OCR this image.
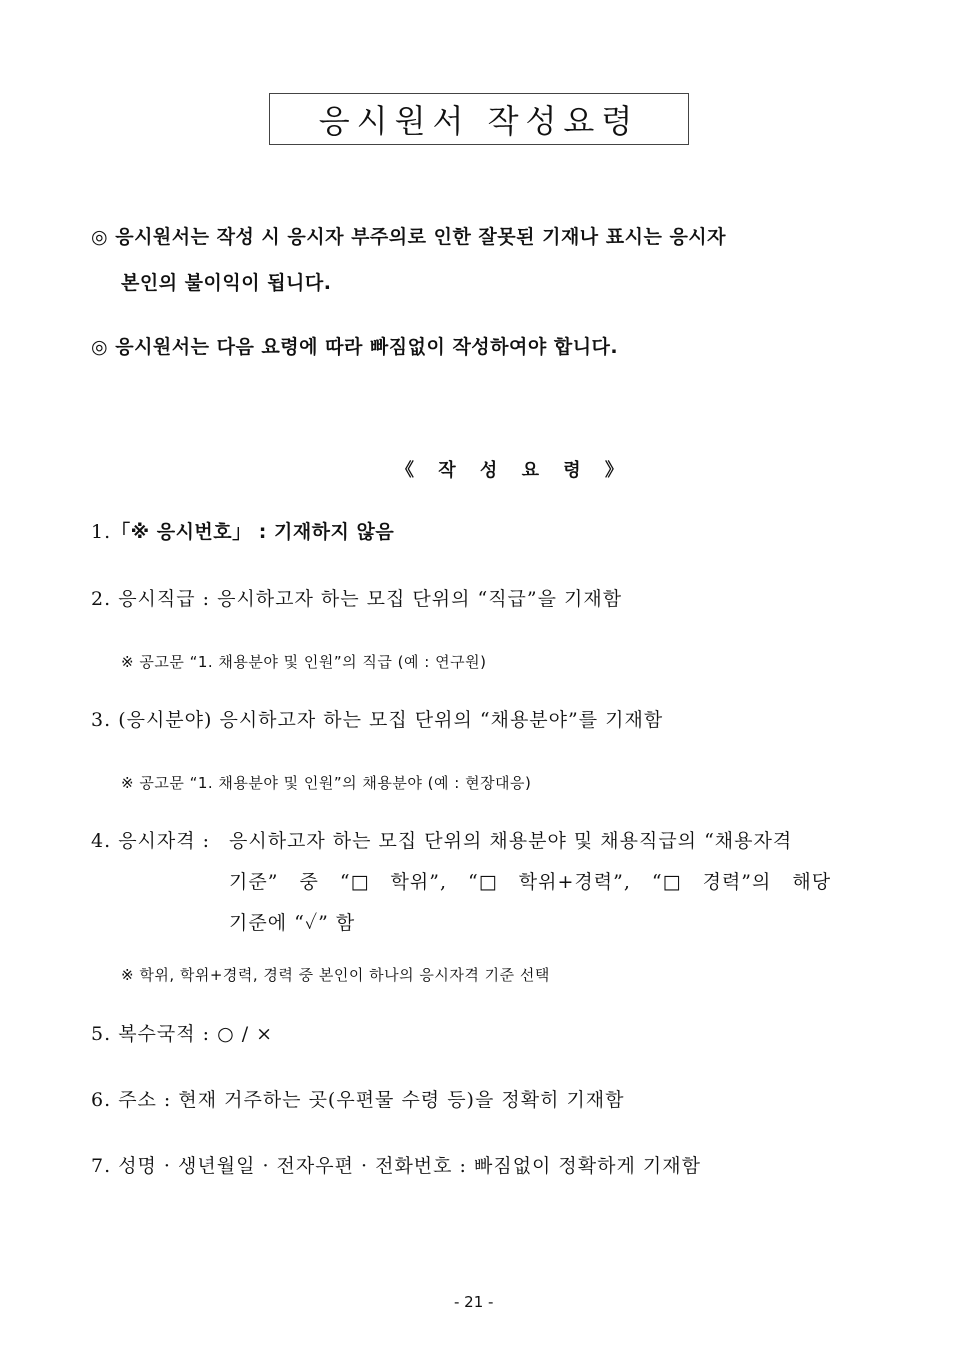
응시원서 작성요령
◎ 응시원서는 작성 시 응시자 부주의로 인한 잘못된 기재나 표시는 응시자
본인의 불이익이 됩니다.
◎ 응시원서는 다음 요령에 따라 빠짐없이 작성하여야 합니다.
《 작 성 요 령 》
1.「※ 응시번호」 : 기재하지 않음
2. 응시직급 : 응시하고자 하는 모집 단위의 “직급”을 기재함
※ 공고문 “1. 채용분야 및 인원”의 직급 (예 : 연구원)
3. (응시분야) 응시하고자 하는 모집 단위의 “채용분야”를 기재함
※ 공고문 “1. 채용분야 및 인원”의 채용분야 (예 : 현장대응)
4. 응시자격 : 응시하고자 하는 모집 단위의 채용분야 및 채용직급의 “채용자격
기준” 중 “□ 학위”, “□ 학위+경력”, “□ 경력”의 해당
기준에 “✓” 함
※ 학위, 학위+경력, 경력 중 본인이 하나의 응시자격 기준 선택
5. 복수국적 : ○ / ×
6. 주소 : 현재 거주하는 곳(우편물 수령 등)을 정확히 기재함
7. 성명 · 생년월일 · 전자우편 · 전화번호 : 빠짐없이 정확하게 기재함
- 21 -
